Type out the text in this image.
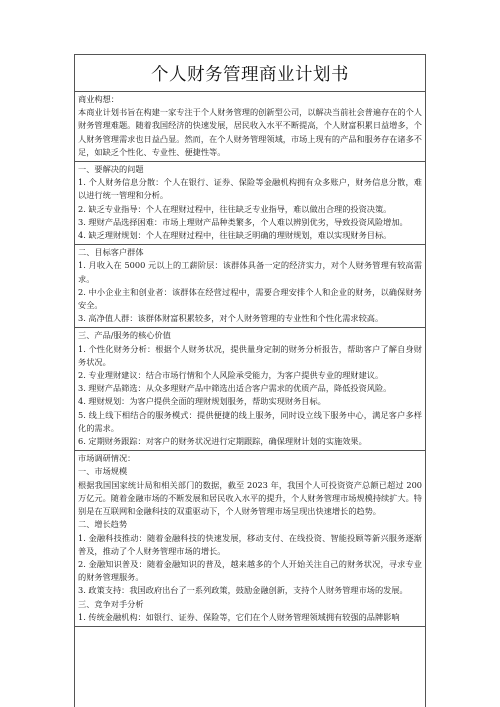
个人财务管理商业计划书

商业构想：

本商业计划书旨在构建一家专注于个人财务管理的创新型公司，以解决当前社会普遍存在的个人财务管理难题。随着我国经济的快速发展，居民收入水平不断提高，个人财富积累日益增多，个人财务管理需求也日益凸显。然而，在个人财务管理领域，市场上现有的产品和服务存在诸多不足，如缺乏个性化、专业性、便捷性等。

一、要解决的问题

1. 个人财务信息分散：个人在银行、证券、保险等金融机构拥有众多账户，财务信息分散，难以进行统一管理和分析。

2. 缺乏专业指导：个人在理财过程中，往往缺乏专业指导，难以做出合理的投资决策。

3. 理财产品选择困难：市场上理财产品种类繁多，个人难以辨别优劣，导致投资风险增加。

4. 缺乏理财规划：个人在理财过程中，往往缺乏明确的理财规划，难以实现财务目标。

二、目标客户群体

1. 月收入在 5000 元以上的工薪阶层：该群体具备一定的经济实力，对个人财务管理有较高需求。

2. 中小企业主和创业者：该群体在经营过程中，需要合理安排个人和企业的财务，以确保财务安全。

3. 高净值人群：该群体财富积累较多，对个人财务管理的专业性和个性化需求较高。

三、产品/服务的核心价值

1. 个性化财务分析：根据个人财务状况，提供量身定制的财务分析报告，帮助客户了解自身财务状况。

2. 专业理财建议：结合市场行情和个人风险承受能力，为客户提供专业的理财建议。

3. 理财产品筛选：从众多理财产品中筛选出适合客户需求的优质产品，降低投资风险。

4. 理财规划：为客户提供全面的理财规划服务，帮助实现财务目标。

5. 线上线下相结合的服务模式：提供便捷的线上服务，同时设立线下服务中心，满足客户多样化的需求。

6. 定期财务跟踪：对客户的财务状况进行定期跟踪，确保理财计划的实施效果。

市场调研情况：

一、市场规模

根据我国国家统计局和相关部门的数据，截至 2023 年，我国个人可投资资产总额已超过 200 万亿元。随着金融市场的不断发展和居民收入水平的提升，个人财务管理市场规模持续扩大。特别是在互联网和金融科技的双重驱动下，个人财务管理市场呈现出快速增长的趋势。

二、增长趋势

1. 金融科技推动：随着金融科技的快速发展，移动支付、在线投资、智能投顾等新兴服务逐渐普及，推动了个人财务管理市场的增长。

2. 金融知识普及：随着金融知识的普及，越来越多的个人开始关注自己的财务状况，寻求专业的财务管理服务。

3. 政策支持：我国政府出台了一系列政策，鼓励金融创新，支持个人财务管理市场的发展。

三、竞争对手分析

1. 传统金融机构：如银行、证券、保险等，它们在个人财务管理领域拥有较强的品牌影响
